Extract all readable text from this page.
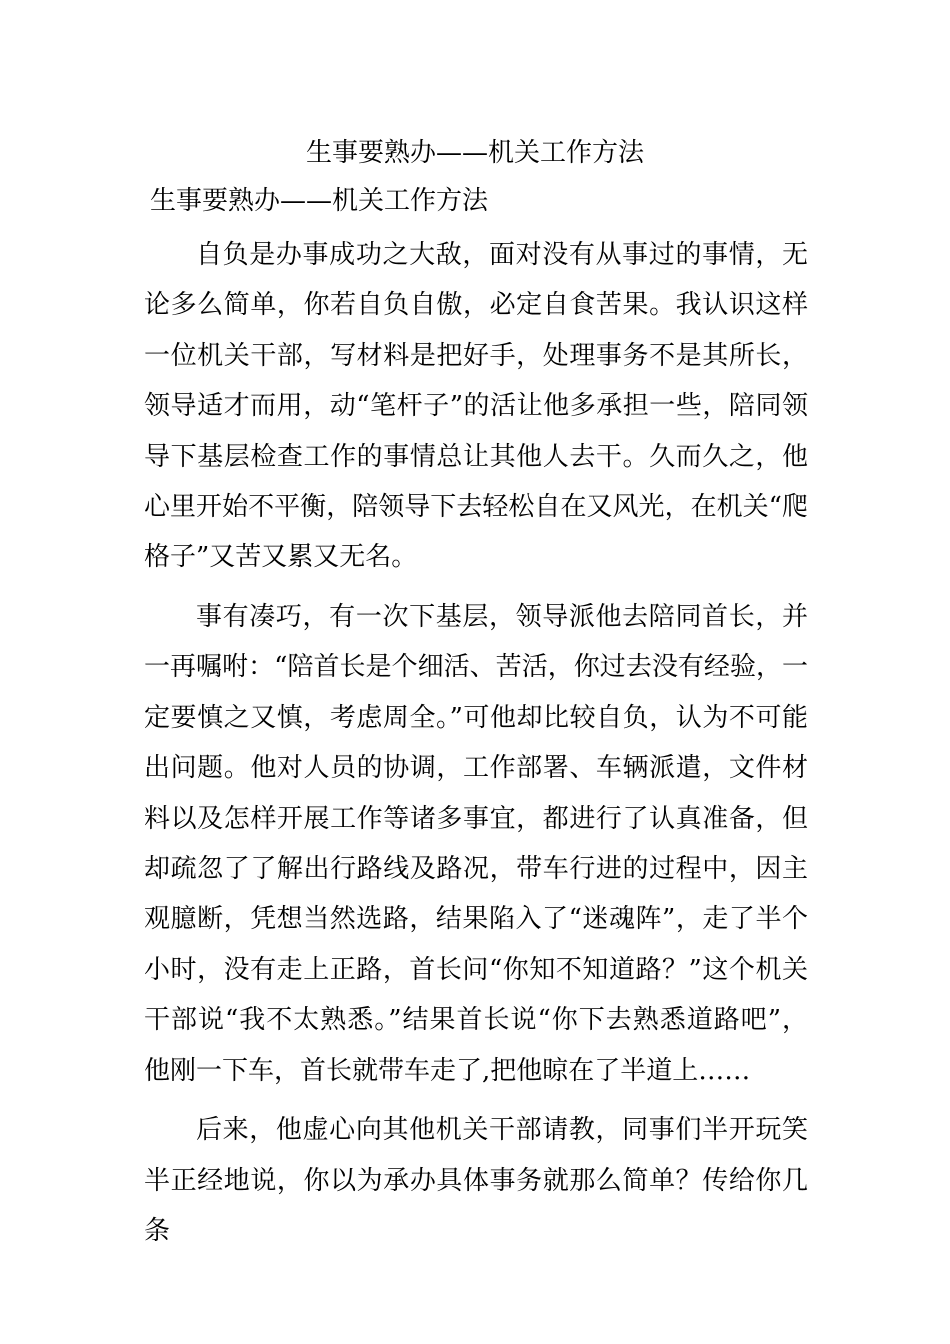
生事要熟办——机关工作方法
生事要熟办——机关工作方法

自负是办事成功之大敌，面对没有从事过的事情，无论多么简单，你若自负自傲，必定自食苦果。我认识这样一位机关干部，写材料是把好手，处理事务不是其所长，领导适才而用，动“笔杆子”的活让他多承担一些，陪同领导下基层检查工作的事情总让其他人去干。久而久之，他心里开始不平衡，陪领导下去轻松自在又风光，在机关“爬格子”又苦又累又无名。

事有凑巧，有一次下基层，领导派他去陪同首长，并一再嘱咐：“陪首长是个细活、苦活，你过去没有经验，一定要慎之又慎，考虑周全。”可他却比较自负，认为不可能出问题。他对人员的协调，工作部署、车辆派遣，文件材料以及怎样开展工作等诸多事宜，都进行了认真准备，但却疏忽了了解出行路线及路况，带车行进的过程中，因主观臆断，凭想当然选路，结果陷入了“迷魂阵”，走了半个小时，没有走上正路，首长问“你知不知道路？”这个机关干部说“我不太熟悉。”结果首长说“你下去熟悉道路吧”，他刚一下车，首长就带车走了,把他晾在了半道上……

后来，他虚心向其他机关干部请教，同事们半开玩笑半正经地说，你以为承办具体事务就那么简单？传给你几条
